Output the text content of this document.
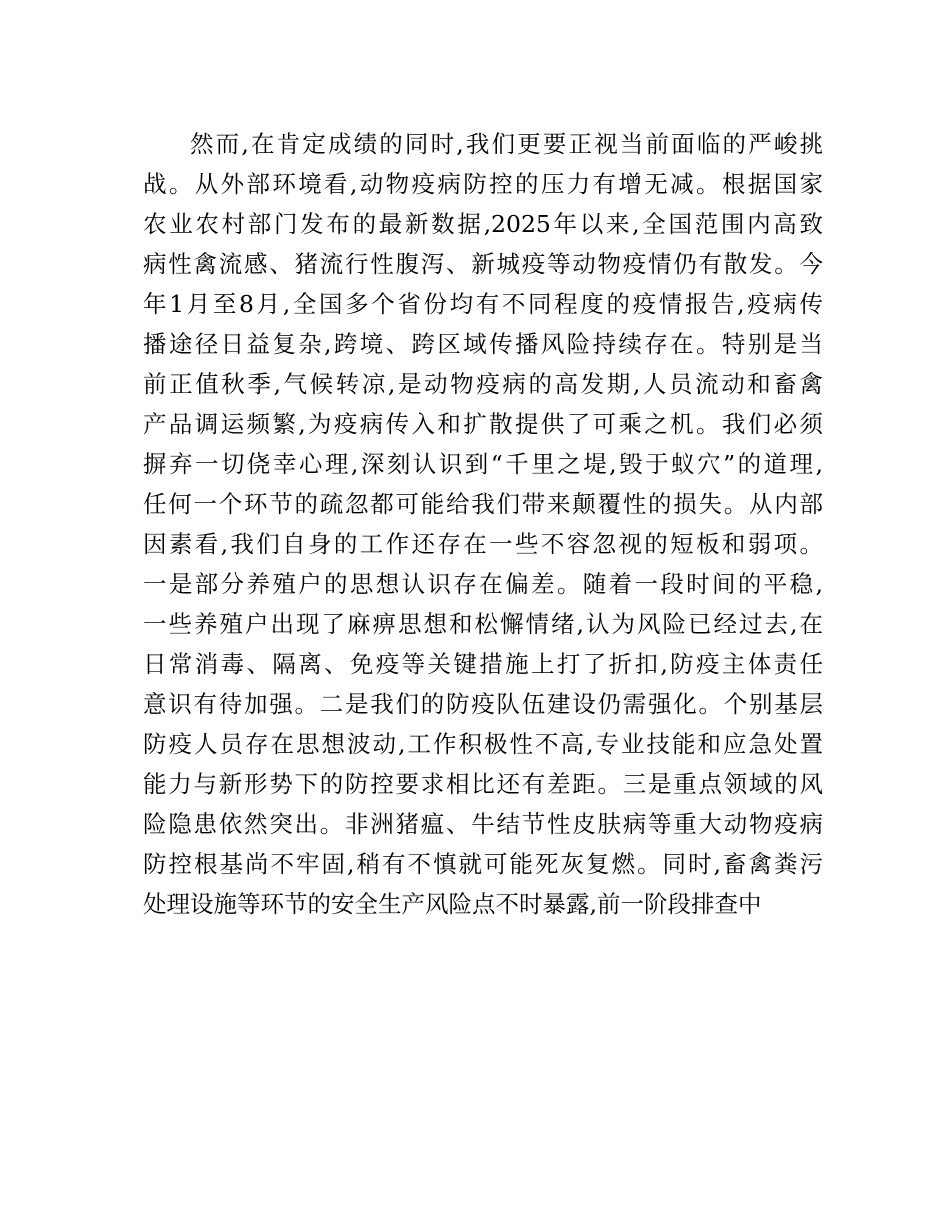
然而,在肯定成绩的同时,我们更要正视当前面临的严峻挑
战。从外部环境看,动物疫病防控的压力有增无减。根据国家
农业农村部门发布的最新数据,2025年以来,全国范围内高致
病性禽流感、猪流行性腹泻、新城疫等动物疫情仍有散发。今
年1月至8月,全国多个省份均有不同程度的疫情报告,疫病传
播途径日益复杂,跨境、跨区域传播风险持续存在。特别是当
前正值秋季,气候转凉,是动物疫病的高发期,人员流动和畜禽
产品调运频繁,为疫病传入和扩散提供了可乘之机。我们必须
摒弃一切侥幸心理,深刻认识到“千里之堤,毁于蚁穴”的道理,
任何一个环节的疏忽都可能给我们带来颠覆性的损失。从内部
因素看,我们自身的工作还存在一些不容忽视的短板和弱项。
一是部分养殖户的思想认识存在偏差。随着一段时间的平稳,
一些养殖户出现了麻痹思想和松懈情绪,认为风险已经过去,在
日常消毒、隔离、免疫等关键措施上打了折扣,防疫主体责任
意识有待加强。二是我们的防疫队伍建设仍需强化。个别基层
防疫人员存在思想波动,工作积极性不高,专业技能和应急处置
能力与新形势下的防控要求相比还有差距。三是重点领域的风
险隐患依然突出。非洲猪瘟、牛结节性皮肤病等重大动物疫病
防控根基尚不牢固,稍有不慎就可能死灰复燃。同时,畜禽粪污
处理设施等环节的安全生产风险点不时暴露,前一阶段排查中
